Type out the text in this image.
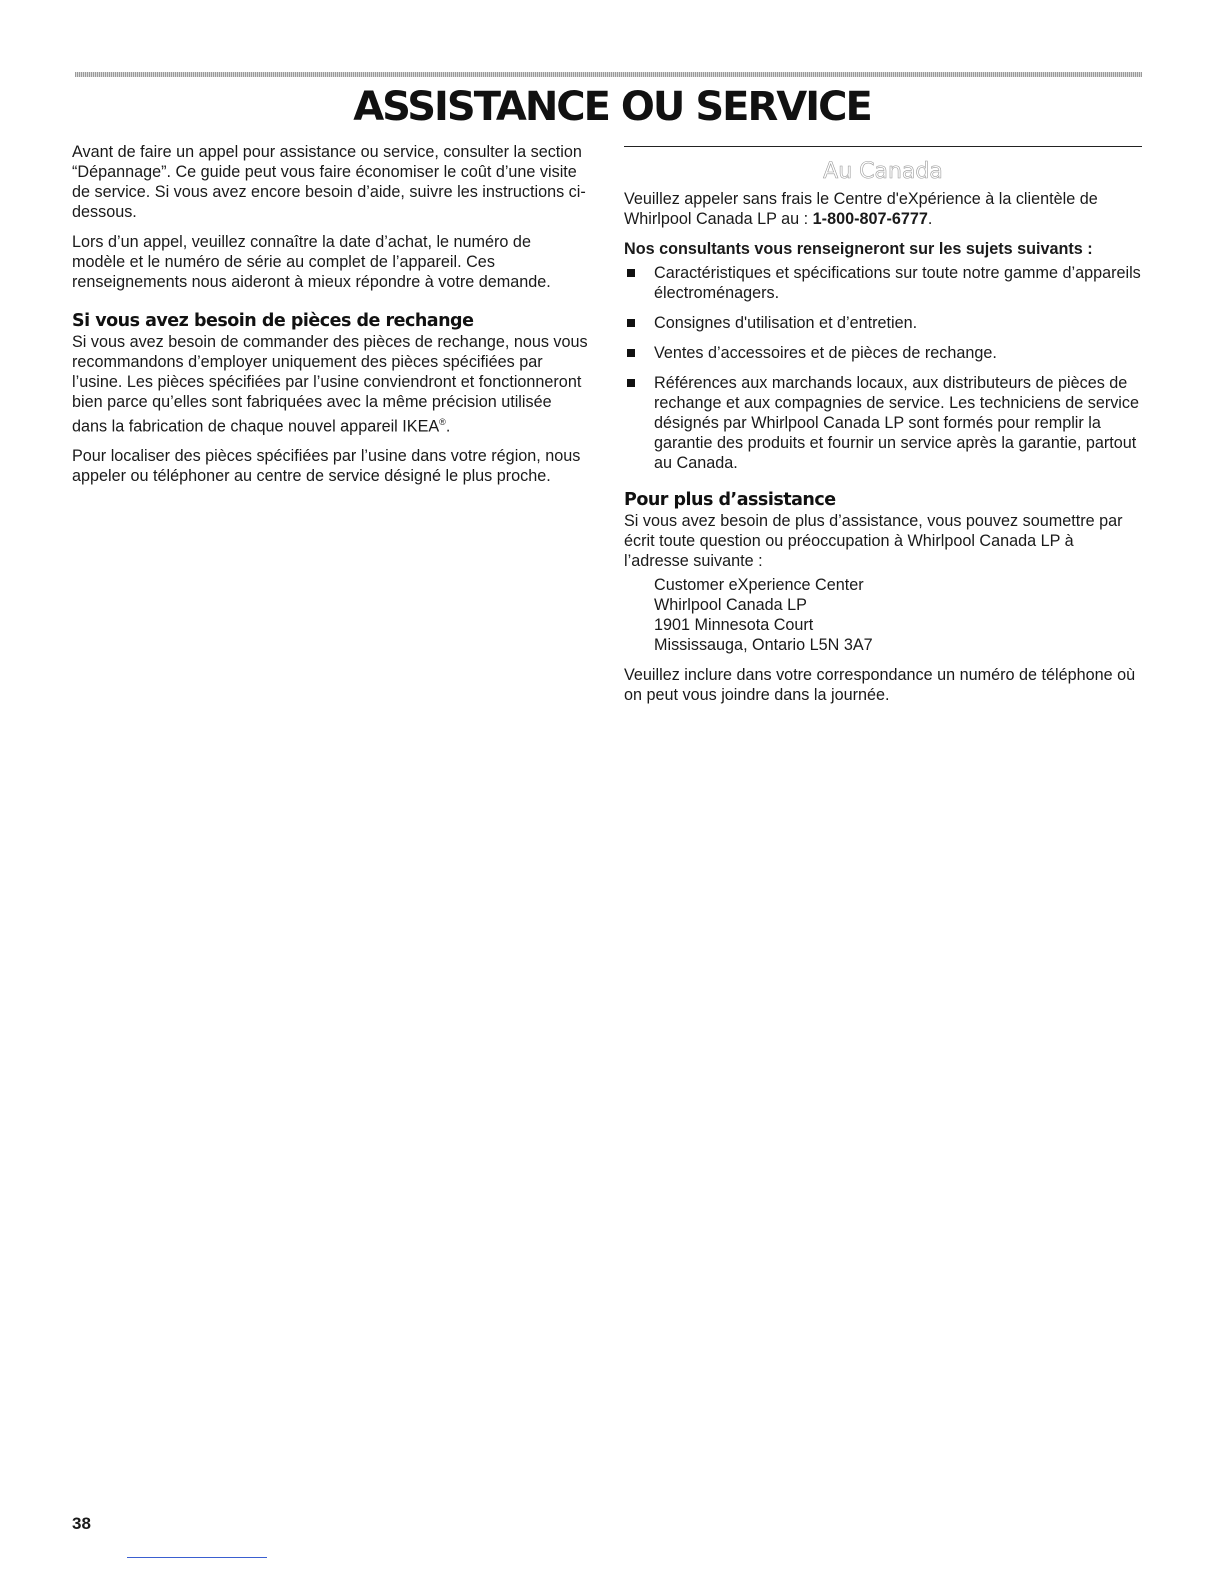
ASSISTANCE OU SERVICE

Avant de faire un appel pour assistance ou service, consulter la section “Dépannage”. Ce guide peut vous faire économiser le coût d’une visite de service. Si vous avez encore besoin d’aide, suivre les instructions ci-dessous.

Lors d’un appel, veuillez connaître la date d’achat, le numéro de modèle et le numéro de série au complet de l’appareil. Ces renseignements nous aideront à mieux répondre à votre demande.

Si vous avez besoin de pièces de rechange

Si vous avez besoin de commander des pièces de rechange, nous vous recommandons d’employer uniquement des pièces spécifiées par l’usine. Les pièces spécifiées par l’usine conviendront et fonctionneront bien parce qu’elles sont fabriquées avec la même précision utilisée dans la fabrication de chaque nouvel appareil IKEA®.

Pour localiser des pièces spécifiées par l’usine dans votre région, nous appeler ou téléphoner au centre de service désigné le plus proche.

Au Canada

Veuillez appeler sans frais le Centre d'eXpérience à la clientèle de Whirlpool Canada LP au : 1-800-807-6777.

Nos consultants vous renseigneront sur les sujets suivants :
Caractéristiques et spécifications sur toute notre gamme d’appareils électroménagers.
Consignes d'utilisation et d’entretien.
Ventes d’accessoires et de pièces de rechange.
Références aux marchands locaux, aux distributeurs de pièces de rechange et aux compagnies de service. Les techniciens de service désignés par Whirlpool Canada LP sont formés pour remplir la garantie des produits et fournir un service après la garantie, partout au Canada.
Pour plus d’assistance

Si vous avez besoin de plus d’assistance, vous pouvez soumettre par écrit toute question ou préoccupation à Whirlpool Canada LP à l’adresse suivante :

Customer eXperience Center
Whirlpool Canada LP
1901 Minnesota Court
Mississauga, Ontario L5N 3A7

Veuillez inclure dans votre correspondance un numéro de téléphone où on peut vous joindre dans la journée.

38
